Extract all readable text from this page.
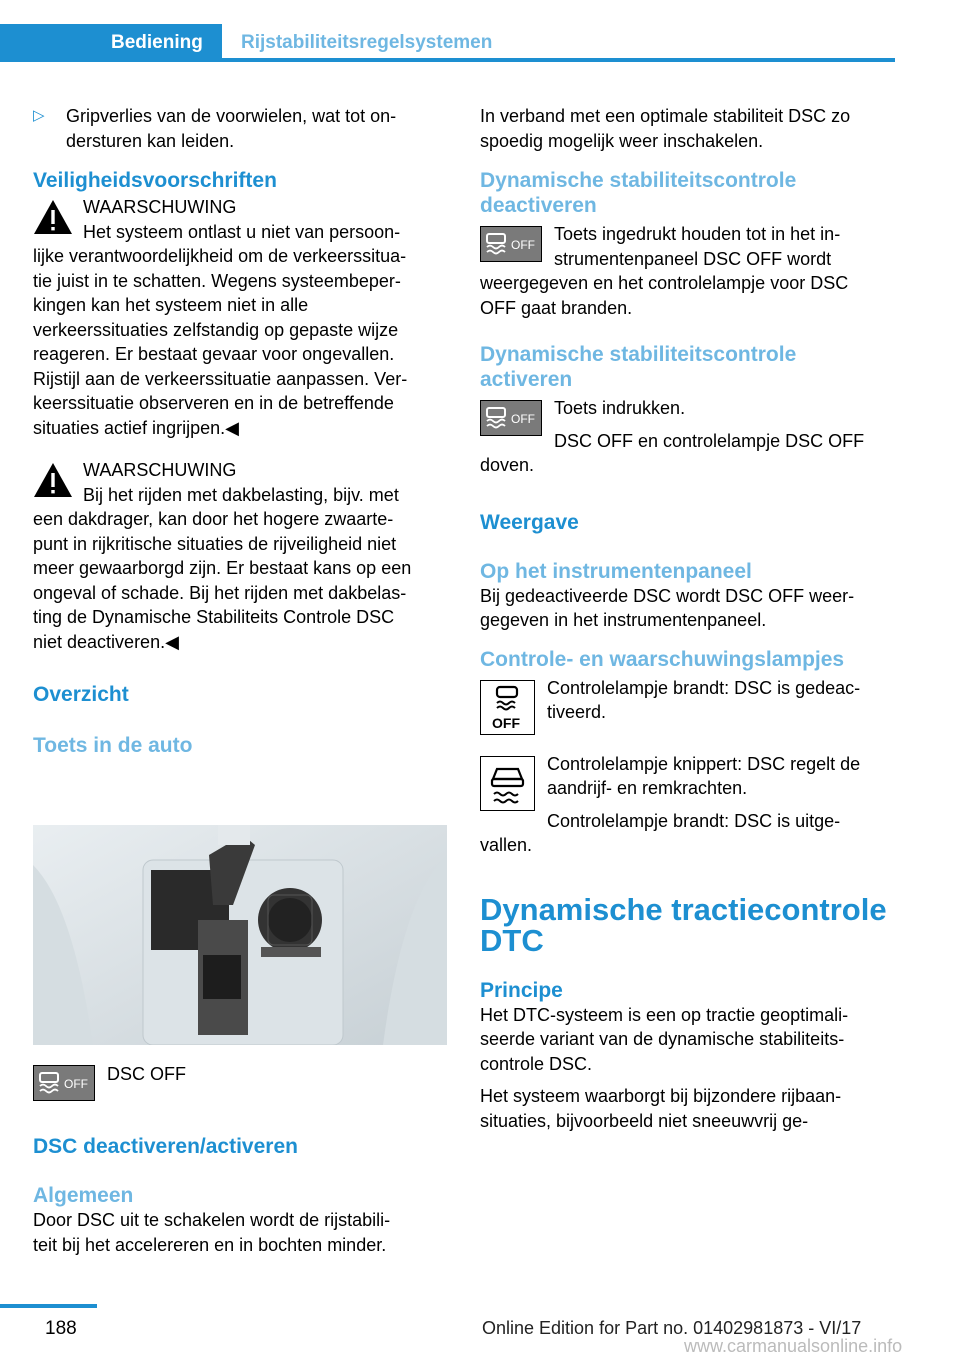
Bediening Rijstabiliteitsregelsystemen
▷	Gripverlies van de voorwielen, wat tot on-

dersturen kan leiden.

Veiligheidsvoorschriften

WAARSCHUWING

Het systeem ontlast u niet van persoon-

lijke verantwoordelijkheid om de verkeerssitua-

tie juist in te schatten. Wegens systeembeper-

kingen kan het systeem niet in alle

verkeerssituaties zelfstandig op gepaste wijze

reageren. Er bestaat gevaar voor ongevallen.

Rijstijl aan de verkeerssituatie aanpassen. Ver-

keerssituatie observeren en in de betreffende

situaties actief ingrijpen.◀

WAARSCHUWING

Bij het rijden met dakbelasting, bijv. met

een dakdrager, kan door het hogere zwaarte-

punt in rijkritische situaties de rijveiligheid niet

meer gewaarborgd zijn. Er bestaat kans op een

ongeval of schade. Bij het rijden met dakbelas-

ting de Dynamische Stabiliteits Controle DSC

niet deactiveren.◀

Overzicht
Toets in de auto
OFF DSC OFF

DSC deactiveren/activeren
Algemeen

Door DSC uit te schakelen wordt de rijstabili-

teit bij het accelereren en in bochten minder.

In verband met een optimale stabiliteit DSC zo

spoedig mogelijk weer inschakelen.

Dynamische stabiliteitscontrole
deactiveren
OFF

Toets ingedrukt houden tot in het in-

strumentenpaneel DSC OFF wordt

weergegeven en het controlelampje voor DSC

OFF gaat branden.

Dynamische stabiliteitscontrole
activeren
OFF

Toets indrukken.

DSC OFF en controlelampje DSC OFF

doven.

Weergave
Op het instrumentenpaneel

Bij gedeactiveerde DSC wordt DSC OFF weer-

gegeven in het instrumentenpaneel.

Controle- en waarschuwingslampjes
OFF

Controlelampje brandt: DSC is gedeac-

tiveerd.

Controlelampje knippert: DSC regelt de

aandrijf- en remkrachten.

Controlelampje brandt: DSC is uitge-

vallen.

Dynamische tractiecontrole
DTC
Principe

Het DTC-systeem is een op tractie geoptimali-

seerde variant van de dynamische stabiliteits-

controle DSC.

Het systeem waarborgt bij bijzondere rijbaan-

situaties, bijvoorbeeld niet sneeuwvrij ge-

188	Online Edition for Part no. 01402981873 - VI/17
www.carmanualsonline.info
